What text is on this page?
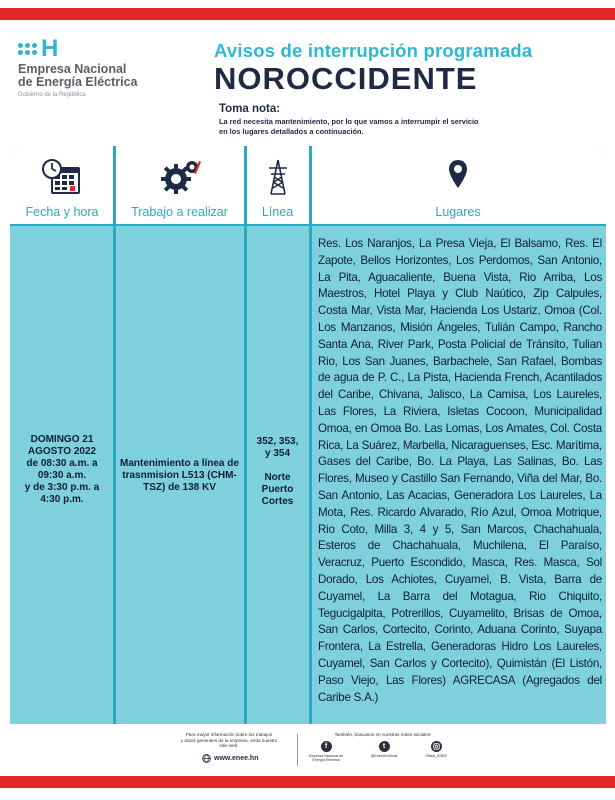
H
Empresa Nacional
de Energía Eléctrica
Gobierno de la República
Avisos de interrupción programada
NOROCCIDENTE
Toma nota:
La red necesita mantenimiento, por lo que vamos a interrumpir el servicio
en los lugares detallados a continuación.
Fecha y hora
DOMINGO 21
AGOSTO 2022
de 08:30 a.m. a
09:30 a.m.
y de 3:30 p.m. a
4:30 p.m.
Trabajo a realizar
Mantenimiento a línea de
trasnmision L513 (CHM-
TSZ) de 138 KV
Línea
352, 353,
y 354
Norte
Puerto
Cortes
Lugares
Res. Los Naranjos, La Presa Vieja, El Balsamo, Res. El Zapote, Bellos Horizontes, Los Perdomos, San Antonio, La Pita, Aguacaliente, Buena Vista, Rio Arriba, Los Maestros, Hotel Playa y Club Naútico, Zip Calpules, Costa Mar, Vista Mar, Hacienda Los Ustariz, Omoa (Col. Los Manzanos, Misión Ángeles, Tulián Campo, Rancho Santa Ana, River Park, Posta Policial de Tránsito, Tulian Rio, Los San Juanes, Barbachele, San Rafael, Bombas de agua de P. C., La Pista, Hacienda French, Acantilados del Caribe, Chivana, Jalisco, La Camisa, Los Laureles, Las Flores, La Riviera, Isletas Cocoon, Municipalidad Omoa, en Omoa Bo. Las Lomas, Los Amates, Col. Costa Rica, La Suárez, Marbella, Nicaraguenses, Esc. Marítima, Gases del Caribe, Bo. La Playa, Las Salinas, Bo. Las Flores, Museo y Castillo San Fernando, Viña del Mar, Bo. San Antonio, Las Acacias, Generadora Los Laureles, La Mota, Res. Ricardo Alvarado, Río Azul, Omoa Motrique, Rio Coto, Milla 3, 4 y 5, San Marcos, Chachahuala, Esteros de Chachahuala, Muchilena, El Paraíso, Veracruz, Puerto Escondido, Masca, Res. Masca, Sol Dorado, Los Achiotes, Cuyamel, B. Vista, Barra de Cuyamel, La Barra del Motagua, Rio Chiquito, Tegucigalpita, Potrerillos, Cuyamelito, Brisas de Omoa, San Carlos, Cortecito, Corinto, Aduana Corinto, Suyapa Frontera, La Estrella, Generadoras Hidro Los Laureles, Cuyamel, San Carlos y Cortecito), Quimistán (El Listón, Paso Viejo, Las Flores) AGRECASA (Agregados del Caribe S.A.)
Para mayor información sobre los trabajos
y datos generales de la empresa, visita nuestro
sitio web:
www.enee.hn
También, búscanos en nuestras redes sociales:
f
Empresa Nacional de
Energía Eléctrica
t
@EneeHnOficial	Oficial_ENEE
